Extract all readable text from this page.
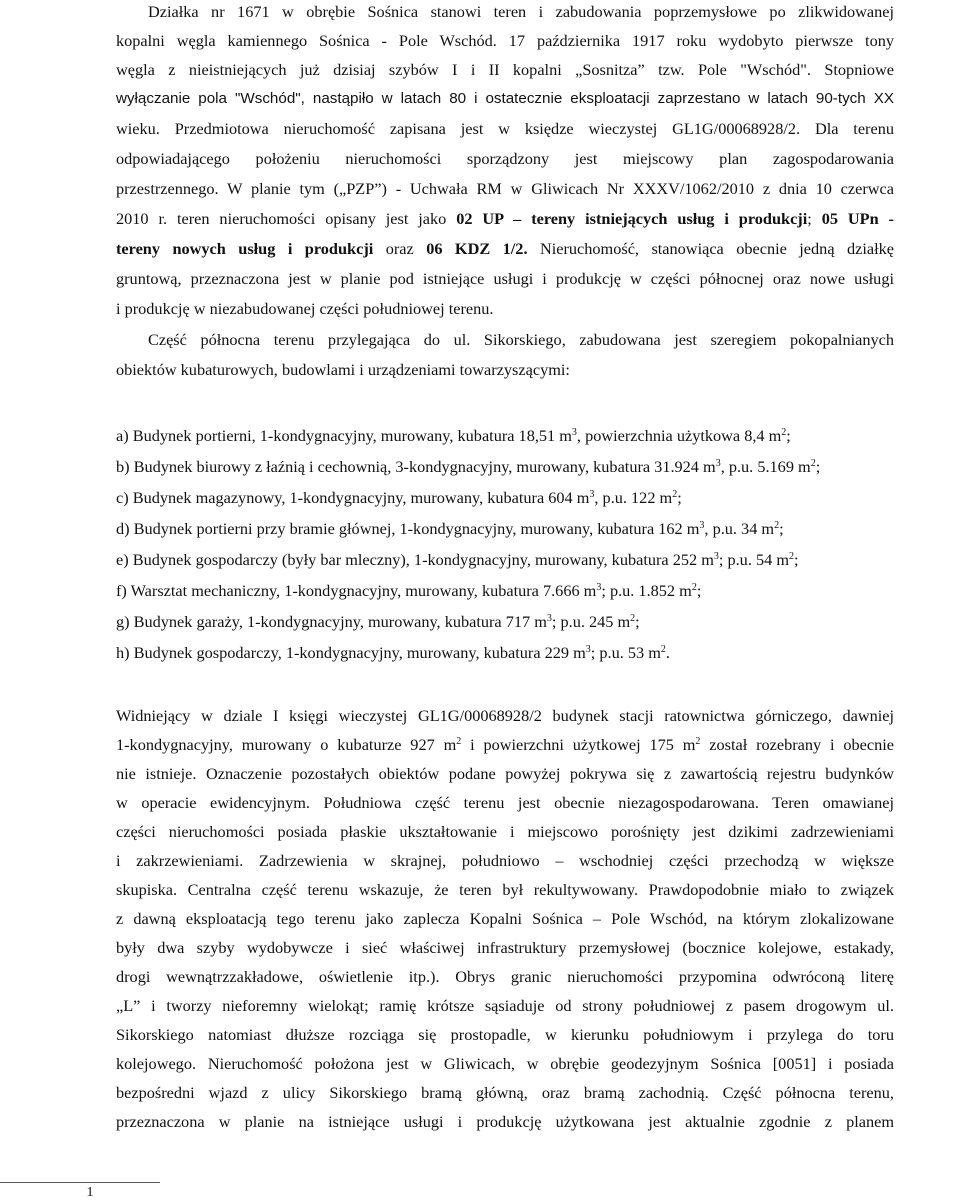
Działka nr 1671 w obrębie Sośnica stanowi teren i zabudowania poprzemysłowe po zlikwidowanej

kopalni węgla kamiennego Sośnica - Pole Wschód. 17 października 1917 roku wydobyto pierwsze tony

węgla z nieistniejących już dzisiaj szybów I i II kopalni „Sosnitza” tzw. Pole "Wschód". Stopniowe

wyłączanie pola "Wschód", nastąpiło w latach 80 i ostatecznie eksploatacji zaprzestano w latach 90-tych XX

wieku. Przedmiotowa nieruchomość zapisana jest w księdze wieczystej GL1G/00068928/2. Dla terenu

odpowiadającego położeniu nieruchomości sporządzony jest miejscowy plan zagospodarowania

przestrzennego. W planie tym („PZP”) - Uchwała RM w Gliwicach Nr XXXV/1062/2010 z dnia 10 czerwca

2010 r. teren nieruchomości opisany jest jako 02 UP – tereny istniejących usług i produkcji; 05 UPn -

tereny nowych usług i produkcji oraz 06 KDZ 1/2. Nieruchomość, stanowiąca obecnie jedną działkę

gruntową, przeznaczona jest w planie pod istniejące usługi i produkcję w części północnej oraz nowe usługi

i produkcję w niezabudowanej części południowej terenu.

Część północna terenu przylegająca do ul. Sikorskiego, zabudowana jest szeregiem pokopalnianych

obiektów kubaturowych, budowlami i urządzeniami towarzyszącymi:

a) Budynek portierni, 1-kondygnacyjny, murowany, kubatura 18,51 $m^3$, powierzchnia użytkowa 8,4 $m^2$;

b) Budynek biurowy z łaźnią i cechownią, 3-kondygnacyjny, murowany, kubatura 31.924 $m^3$, p.u. 5.169 $m^2$;

c) Budynek magazynowy, 1-kondygnacyjny, murowany, kubatura 604 $m^3$, p.u. 122 $m^2$;

d) Budynek portierni przy bramie głównej, 1-kondygnacyjny, murowany, kubatura 162 $m^3$, p.u. 34 $m^2$;

e) Budynek gospodarczy (były bar mleczny), 1-kondygnacyjny, murowany, kubatura 252 $m^3$; p.u. 54 $m^2$;

f) Warsztat mechaniczny, 1-kondygnacyjny, murowany, kubatura 7.666 $m^3$; p.u. 1.852 $m^2$;

g) Budynek garaży, 1-kondygnacyjny, murowany, kubatura 717 $m^3$; p.u. 245 $m^2$;

h) Budynek gospodarczy, 1-kondygnacyjny, murowany, kubatura 229 $m^3$; p.u. 53 $m^2$.

Widniejący w dziale I księgi wieczystej GL1G/00068928/2 budynek stacji ratownictwa górniczego, dawniej

1-kondygnacyjny, murowany o kubaturze 927 $m^2$ i powierzchni użytkowej 175 $m^2$ został rozebrany i obecnie

nie istnieje. Oznaczenie pozostałych obiektów podane powyżej pokrywa się z zawartością rejestru budynków

w operacie ewidencyjnym. Południowa część terenu jest obecnie niezagospodarowana. Teren omawianej

części nieruchomości posiada płaskie ukształtowanie i miejscowo porośnięty jest dzikimi zadrzewieniami

i zakrzewieniami. Zadrzewienia w skrajnej, południowo – wschodniej części przechodzą w większe

skupiska. Centralna część terenu wskazuje, że teren był rekultywowany. Prawdopodobnie miało to związek

z dawną eksploatacją tego terenu jako zaplecza Kopalni Sośnica – Pole Wschód, na którym zlokalizowane

były dwa szyby wydobywcze i sieć właściwej infrastruktury przemysłowej (bocznice kolejowe, estakady,

drogi wewnątrzzakładowe, oświetlenie itp.). Obrys granic nieruchomości przypomina odwróconą literę

„L” i tworzy nieforemny wielokąt; ramię krótsze sąsiaduje od strony południowej z pasem drogowym ul.

Sikorskiego natomiast dłuższe rozciąga się prostopadle, w kierunku południowym i przylega do toru

kolejowego. Nieruchomość położona jest w Gliwicach, w obrębie geodezyjnym Sośnica [0051] i posiada

bezpośredni wjazd z ulicy Sikorskiego bramą główną, oraz bramą zachodnią. Część północna terenu,

przeznaczona w planie na istniejące usługi i produkcję użytkowana jest aktualnie zgodnie z planem

1
